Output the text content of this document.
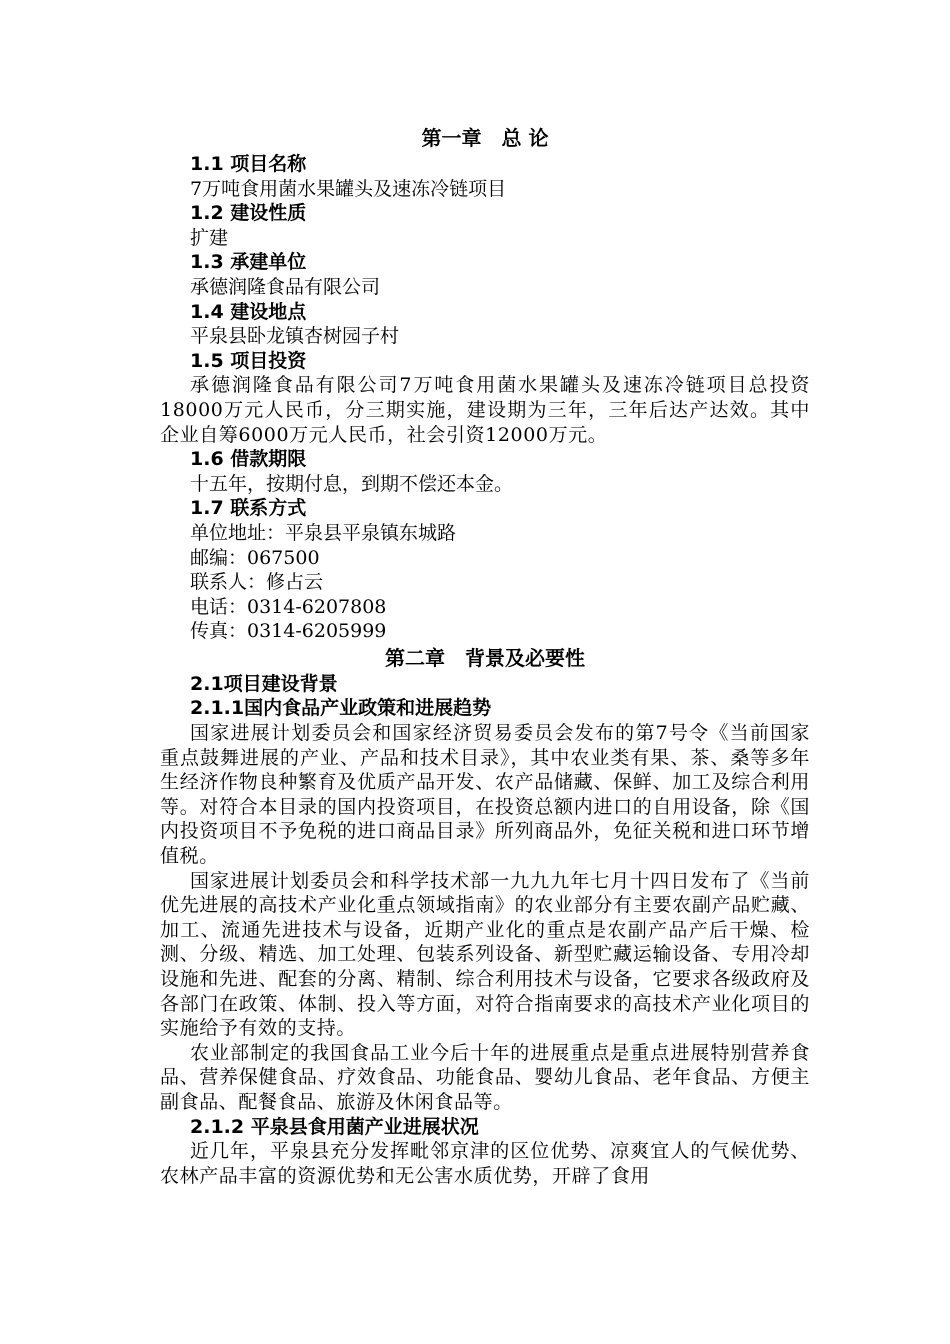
第一章　总 论
1.1 项目名称
7万吨食用菌水果罐头及速冻冷链项目
1.2 建设性质
扩建
1.3 承建单位
承德润隆食品有限公司
1.4 建设地点
平泉县卧龙镇杏树园子村
1.5 项目投资

承德润隆食品有限公司7万吨食用菌水果罐头及速冻冷链项目总投资18000万元人民币，分三期实施，建设期为三年，三年后达产达效。其中企业自筹6000万元人民币，社会引资12000万元。

1.6 借款期限
十五年，按期付息，到期不偿还本金。
1.7 联系方式
单位地址：平泉县平泉镇东城路
邮编：067500
联系人：修占云
电话：0314-6207808
传真：0314-6205999
第二章　背景及必要性
2.1项目建设背景
2.1.1国内食品产业政策和进展趋势

国家进展计划委员会和国家经济贸易委员会发布的第7号令《当前国家重点鼓舞进展的产业、产品和技术目录》，其中农业类有果、茶、桑等多年生经济作物良种繁育及优质产品开发、农产品储藏、保鲜、加工及综合利用等。对符合本目录的国内投资项目，在投资总额内进口的自用设备，除《国内投资项目不予免税的进口商品目录》所列商品外，免征关税和进口环节增值税。

国家进展计划委员会和科学技术部一九九九年七月十四日发布了《当前优先进展的高技术产业化重点领域指南》的农业部分有主要农副产品贮藏、加工、流通先进技术与设备，近期产业化的重点是农副产品产后干燥、检测、分级、精选、加工处理、包装系列设备、新型贮藏运输设备、专用冷却设施和先进、配套的分离、精制、综合利用技术与设备，它要求各级政府及各部门在政策、体制、投入等方面，对符合指南要求的高技术产业化项目的实施给予有效的支持。

农业部制定的我国食品工业今后十年的进展重点是重点进展特别营养食品、营养保健食品、疗效食品、功能食品、婴幼儿食品、老年食品、方便主副食品、配餐食品、旅游及休闲食品等。

2.1.2 平泉县食用菌产业进展状况

近几年，平泉县充分发挥毗邻京津的区位优势、凉爽宜人的气候优势、农林产品丰富的资源优势和无公害水质优势，开辟了食用
